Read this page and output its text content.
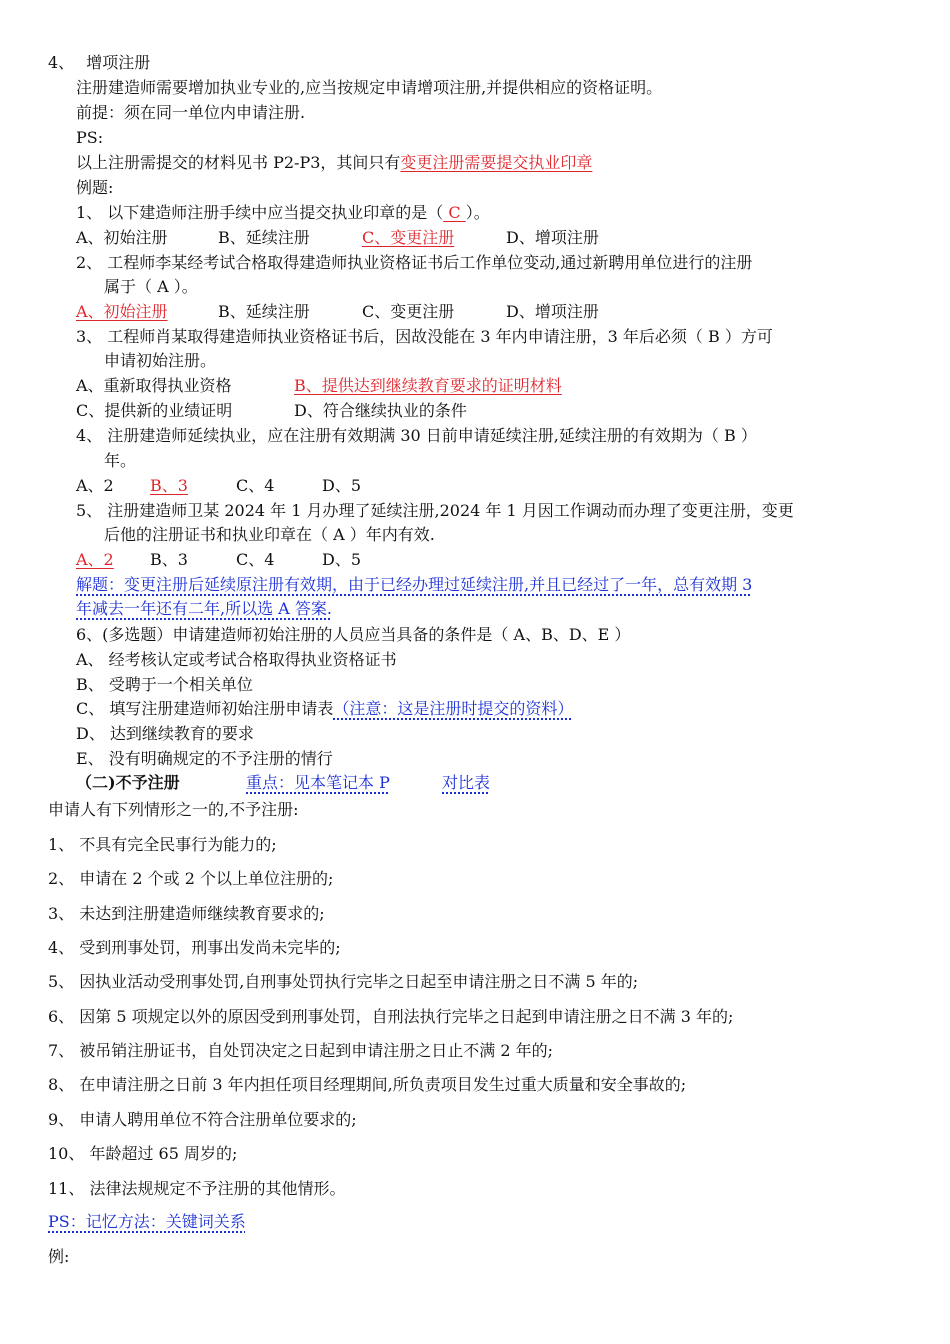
4、 增项注册
注册建造师需要增加执业专业的,应当按规定申请增项注册,并提供相应的资格证明。
前提：须在同一单位内申请注册.
PS:
以上注册需提交的材料见书 P2-P3，其间只有变更注册需要提交执业印章
例题:
1、 以下建造师注册手续中应当提交执业印章的是（ C ）。
A、初始注册	B、延续注册	C、变更注册	D、增项注册
2、 工程师李某经考试合格取得建造师执业资格证书后工作单位变动,通过新聘用单位进行的注册
属于（ A ）。
A、初始注册	B、延续注册	C、变更注册	D、增项注册
3、 工程师肖某取得建造师执业资格证书后，因故没能在 3 年内申请注册，3 年后必须（ B ）方可
申请初始注册。
A、重新取得执业资格	B、提供达到继续教育要求的证明材料
C、提供新的业绩证明	D、符合继续执业的条件
4、 注册建造师延续执业，应在注册有效期满 30 日前申请延续注册,延续注册的有效期为（ B ）
年。
A、2 B、3	C、4	D、5
5、 注册建造师卫某 2024 年 1 月办理了延续注册,2024 年 1 月因工作调动而办理了变更注册，变更
后他的注册证书和执业印章在（ A ）年内有效.
A、2 B、3	C、4	D、5
解题：变更注册后延续原注册有效期，由于已经办理过延续注册,并且已经过了一年，总有效期 3
年减去一年还有二年,所以选 A 答案.
6、(多选题）申请建造师初始注册的人员应当具备的条件是（ A、B、D、E ）
A、 经考核认定或考试合格取得执业资格证书
B、 受聘于一个相关单位
C、 填写注册建造师初始注册申请表（注意：这是注册时提交的资料）
D、 达到继续教育的要求
E、 没有明确规定的不予注册的情行
（二)不予注册	重点：见本笔记本 P	对比表
申请人有下列情形之一的,不予注册:
1、 不具有完全民事行为能力的;
2、 申请在 2 个或 2 个以上单位注册的;
3、 未达到注册建造师继续教育要求的;
4、 受到刑事处罚，刑事出发尚未完毕的;
5、 因执业活动受刑事处罚,自刑事处罚执行完毕之日起至申请注册之日不满 5 年的;
6、 因第 5 项规定以外的原因受到刑事处罚，自刑法执行完毕之日起到申请注册之日不满 3 年的;
7、 被吊销注册证书，自处罚决定之日起到申请注册之日止不满 2 年的;
8、 在申请注册之日前 3 年内担任项目经理期间,所负责项目发生过重大质量和安全事故的;
9、 申请人聘用单位不符合注册单位要求的;
10、 年龄超过 65 周岁的;
11、 法律法规规定不予注册的其他情形。
PS：记忆方法：关键词关系
例:
